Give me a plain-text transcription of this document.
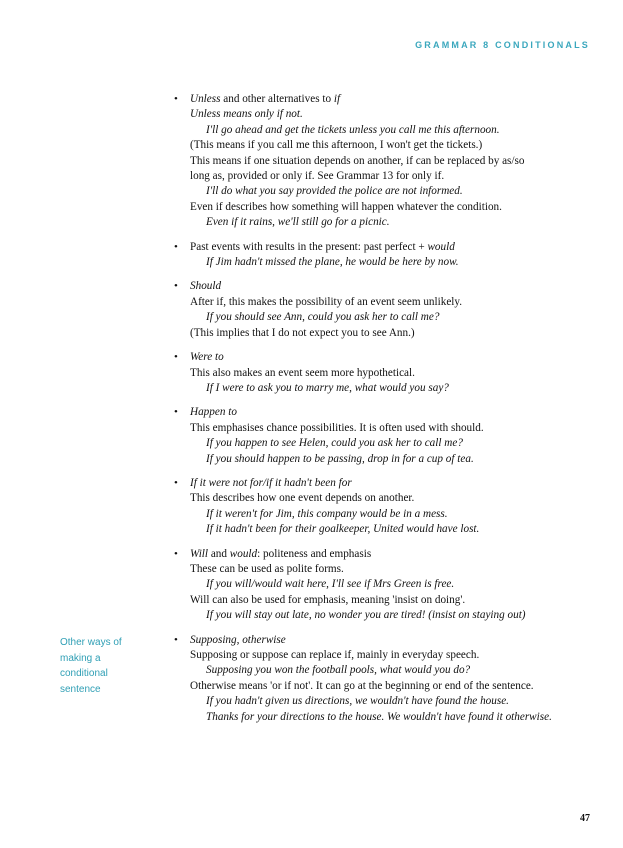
GRAMMAR 8 CONDITIONALS
Other ways of
making a
conditional
sentence
• Unless and other alternatives to if
Unless means only if not.
I'll go ahead and get the tickets unless you call me this afternoon.
(This means if you call me this afternoon, I won't get the tickets.)
This means if one situation depends on another, if can be replaced by as/so
long as, provided or only if. See Grammar 13 for only if.
I'll do what you say provided the police are not informed.
Even if describes how something will happen whatever the condition.
Even if it rains, we'll still go for a picnic.
• Past events with results in the present: past perfect + would
If Jim hadn't missed the plane, he would be here by now.
• Should
After if, this makes the possibility of an event seem unlikely.
If you should see Ann, could you ask her to call me?
(This implies that I do not expect you to see Ann.)
• Were to
This also makes an event seem more hypothetical.
If I were to ask you to marry me, what would you say?
• Happen to
This emphasises chance possibilities. It is often used with should.
If you happen to see Helen, could you ask her to call me?
If you should happen to be passing, drop in for a cup of tea.
• If it were not for/if it hadn't been for
This describes how one event depends on another.
If it weren't for Jim, this company would be in a mess.
If it hadn't been for their goalkeeper, United would have lost.
• Will and would: politeness and emphasis
These can be used as polite forms.
If you will/would wait here, I'll see if Mrs Green is free.
Will can also be used for emphasis, meaning 'insist on doing'.
If you will stay out late, no wonder you are tired! (insist on staying out)
• Supposing, otherwise
Supposing or suppose can replace if, mainly in everyday speech.
Supposing you won the football pools, what would you do?
Otherwise means 'or if not'. It can go at the beginning or end of the sentence.
If you hadn't given us directions, we wouldn't have found the house.
Thanks for your directions to the house. We wouldn't have found it otherwise.
47
